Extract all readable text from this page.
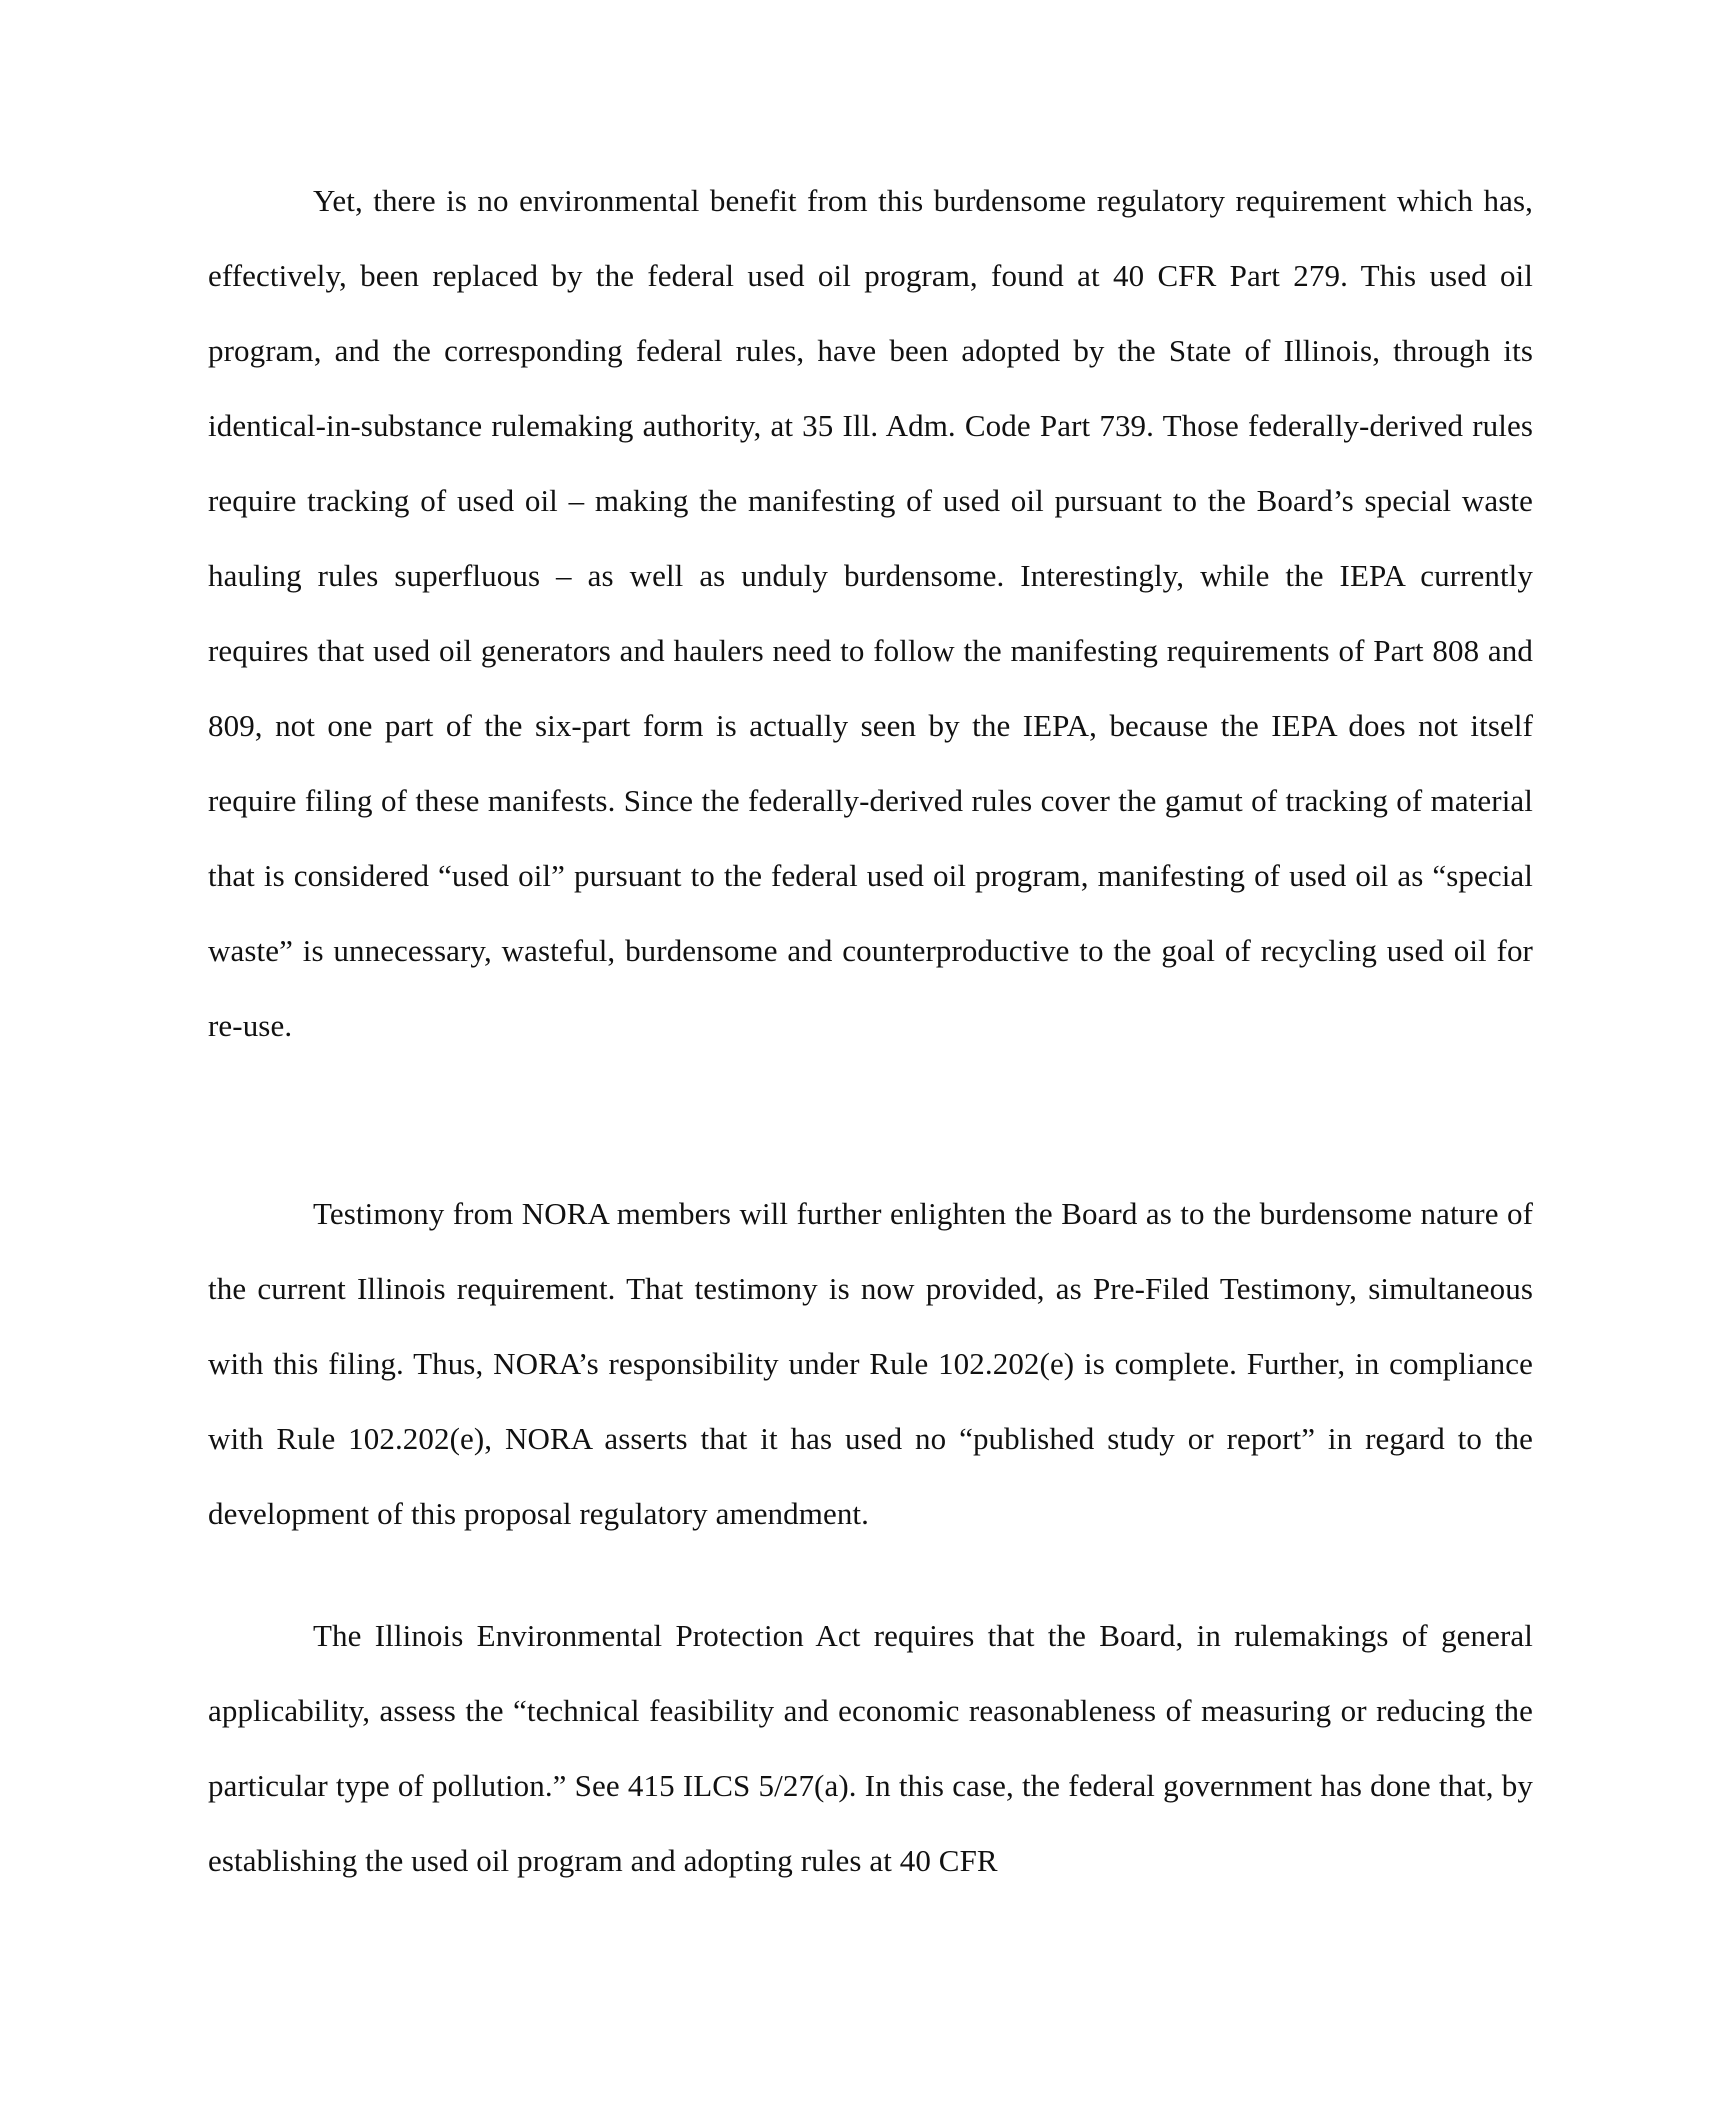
Yet, there is no environmental benefit from this burdensome regulatory requirement which has, effectively, been replaced by the federal used oil program, found at 40 CFR Part 279. This used oil program, and the corresponding federal rules, have been adopted by the State of Illinois, through its identical-in-substance rulemaking authority, at 35 Ill. Adm. Code Part 739. Those federally-derived rules require tracking of used oil – making the manifesting of used oil pursuant to the Board’s special waste hauling rules superfluous – as well as unduly burdensome. Interestingly, while the IEPA currently requires that used oil generators and haulers need to follow the manifesting requirements of Part 808 and 809, not one part of the six-part form is actually seen by the IEPA, because the IEPA does not itself require filing of these manifests. Since the federally-derived rules cover the gamut of tracking of material that is considered “used oil” pursuant to the federal used oil program, manifesting of used oil as “special waste” is unnecessary, wasteful, burdensome and counterproductive to the goal of recycling used oil for re-use.

Testimony from NORA members will further enlighten the Board as to the burdensome nature of the current Illinois requirement. That testimony is now provided, as Pre-Filed Testimony, simultaneous with this filing. Thus, NORA’s responsibility under Rule 102.202(e) is complete. Further, in compliance with Rule 102.202(e), NORA asserts that it has used no “published study or report” in regard to the development of this proposal regulatory amendment.

The Illinois Environmental Protection Act requires that the Board, in rulemakings of general applicability, assess the “technical feasibility and economic reasonableness of measuring or reducing the particular type of pollution.” See 415 ILCS 5/27(a). In this case, the federal government has done that, by establishing the used oil program and adopting rules at 40 CFR
